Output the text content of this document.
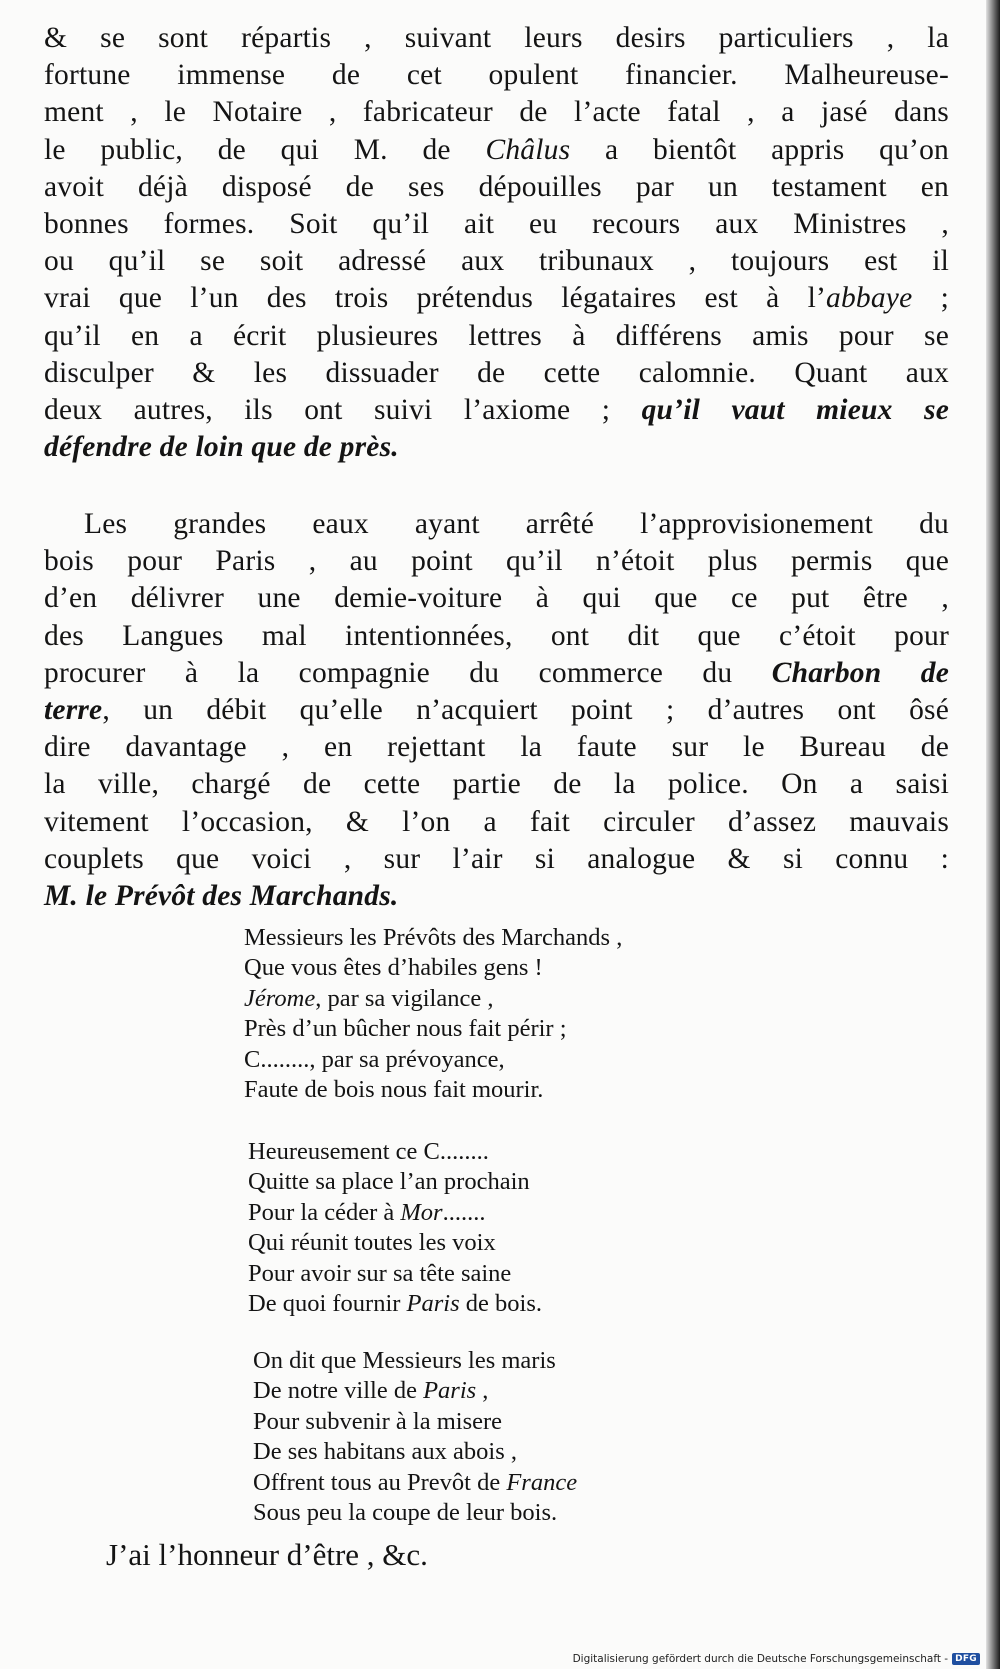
& se sont répartis , suivant leurs desirs particuliers , la
fortune immense de cet opulent financier. Malheureuse-
ment , le Notaire , fabricateur de l’acte fatal , a jasé dans
le public, de qui M. de Châlus a bientôt appris qu’on
avoit déjà disposé de ses dépouilles par un testament en
bonnes formes. Soit qu’il ait eu recours aux Ministres ,
ou qu’il se soit adressé aux tribunaux , toujours est il
vrai que l’un des trois prétendus légataires est à l’abbaye ;
qu’il en a écrit plusieures lettres à différens amis pour se
disculper & les dissuader de cette calomnie. Quant aux
deux autres, ils ont suivi l’axiome ; qu’il vaut mieux se
défendre de loin que de près.
Les grandes eaux ayant arrêté l’approvisionement du
bois pour Paris , au point qu’il n’étoit plus permis que
d’en délivrer une demie-voiture à qui que ce put être ,
des Langues mal intentionnées, ont dit que c’étoit pour
procurer à la compagnie du commerce du Charbon de
terre, un débit qu’elle n’acquiert point ; d’autres ont ôsé
dire davantage , en rejettant la faute sur le Bureau de
la ville, chargé de cette partie de la police. On a saisi
vitement l’occasion, & l’on a fait circuler d’assez mauvais
couplets que voici , sur l’air si analogue & si connu :
M. le Prévôt des Marchands.
Messieurs les Prévôts des Marchands ,
Que vous êtes d’habiles gens !
Jérome, par sa vigilance ,
Près d’un bûcher nous fait périr ;
C........, par sa prévoyance,
Faute de bois nous fait mourir.
Heureusement ce C........
Quitte sa place l’an prochain
Pour la céder à Mor.......
Qui réunit toutes les voix
Pour avoir sur sa tête saine
De quoi fournir Paris de bois.
On dit que Messieurs les maris
De notre ville de Paris ,
Pour subvenir à la misere
De ses habitans aux abois ,
Offrent tous au Prevôt de France
Sous peu la coupe de leur bois.
J’ai l’honneur d’être , &c.
Digitalisierung gefördert durch die Deutsche Forschungsgemeinschaft - DFG
